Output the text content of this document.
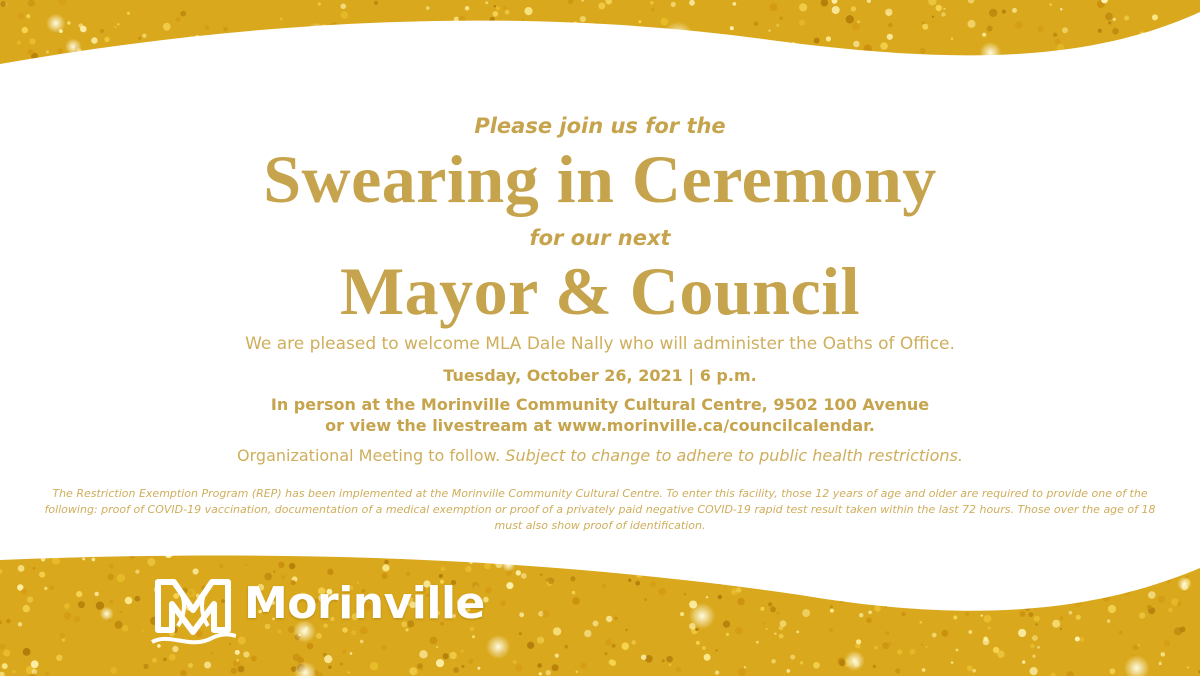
Please join us for the
Swearing in Ceremony
for our next
Mayor & Council
We are pleased to welcome MLA Dale Nally who will administer the Oaths of Office.
Tuesday, October 26, 2021 | 6 p.m.
In person at the Morinville Community Cultural Centre, 9502 100 Avenue
or view the livestream at www.morinville.ca/councilcalendar.
Organizational Meeting to follow. Subject to change to adhere to public health restrictions.
The Restriction Exemption Program (REP) has been implemented at the Morinville Community Cultural Centre. To enter this facility, those 12 years of age and older are required to provide one of the following: proof of COVID-19 vaccination, documentation of a medical exemption or proof of a privately paid negative COVID-19 rapid test result taken within the last 72 hours. Those over the age of 18 must also show proof of identification.
Morinville
